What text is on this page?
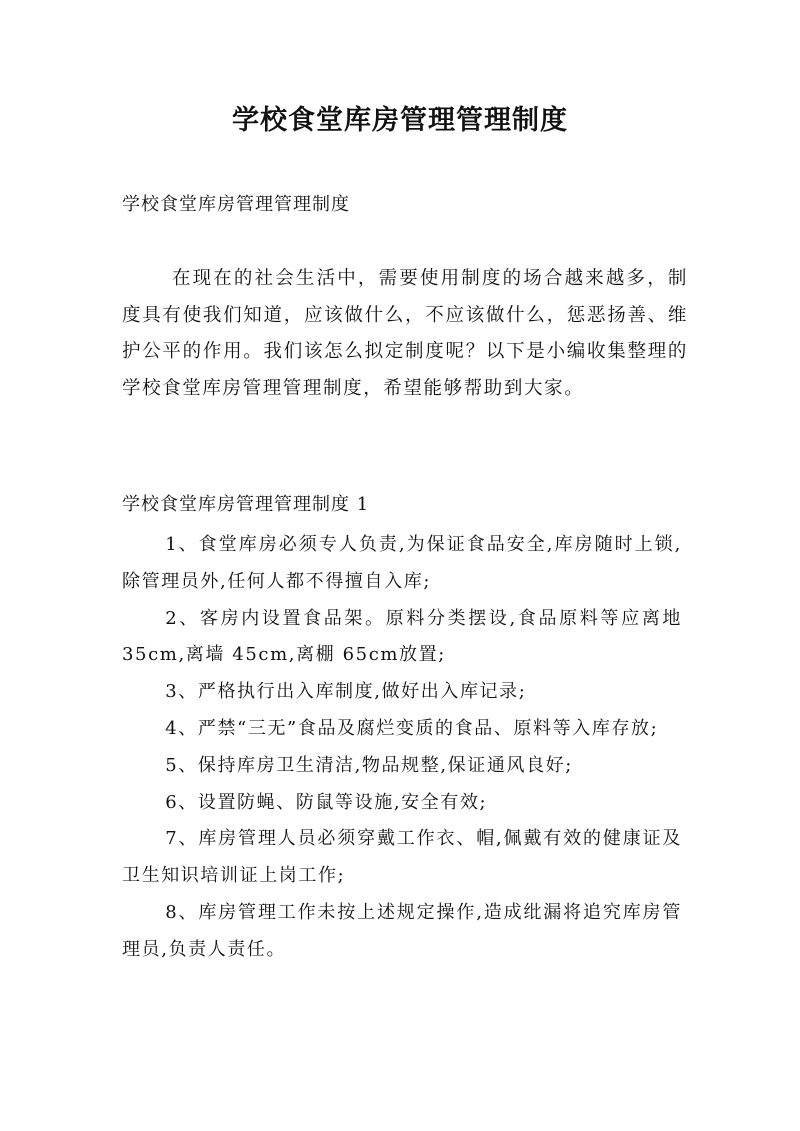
学校食堂库房管理管理制度
学校食堂库房管理管理制度

在现在的社会生活中，需要使用制度的场合越来越多，制度具有使我们知道，应该做什么，不应该做什么，惩恶扬善、维护公平的作用。我们该怎么拟定制度呢？以下是小编收集整理的学校食堂库房管理管理制度，希望能够帮助到大家。

学校食堂库房管理管理制度 1
1、食堂库房必须专人负责,为保证食品安全,库房随时上锁,除管理员外,任何人都不得擅自入库;
2、客房内设置食品架。原料分类摆设,食品原料等应离地 35cm,离墙 45cm,离棚 65cm放置;
3、严格执行出入库制度,做好出入库记录;
4、严禁“三无”食品及腐烂变质的食品、原料等入库存放;
5、保持库房卫生清洁,物品规整,保证通风良好;
6、设置防蝇、防鼠等设施,安全有效;
7、库房管理人员必须穿戴工作衣、帽,佩戴有效的健康证及卫生知识培训证上岗工作;
8、库房管理工作未按上述规定操作,造成纰漏将追究库房管理员,负责人责任。
